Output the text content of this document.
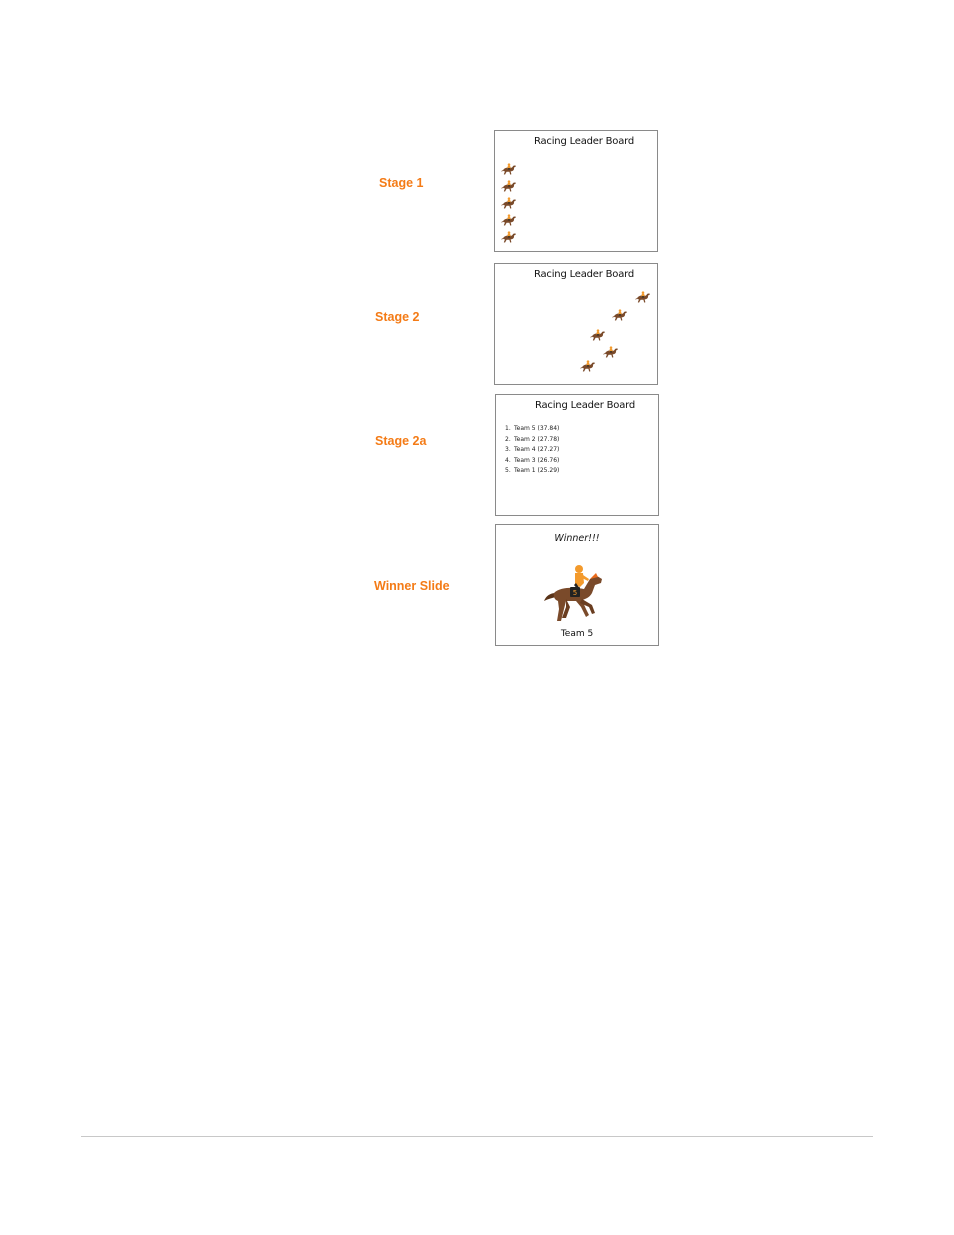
Stage 1
Stage 2
Stage 2a
Winner Slide
Racing Leader Board
Racing Leader Board
Racing Leader Board
1. Team 5 (37.84)
2. Team 2 (27.78)
3. Team 4 (27.27)
4. Team 3 (26.76)
5. Team 1 (25.29)
Winner!!!
5
Team 5
